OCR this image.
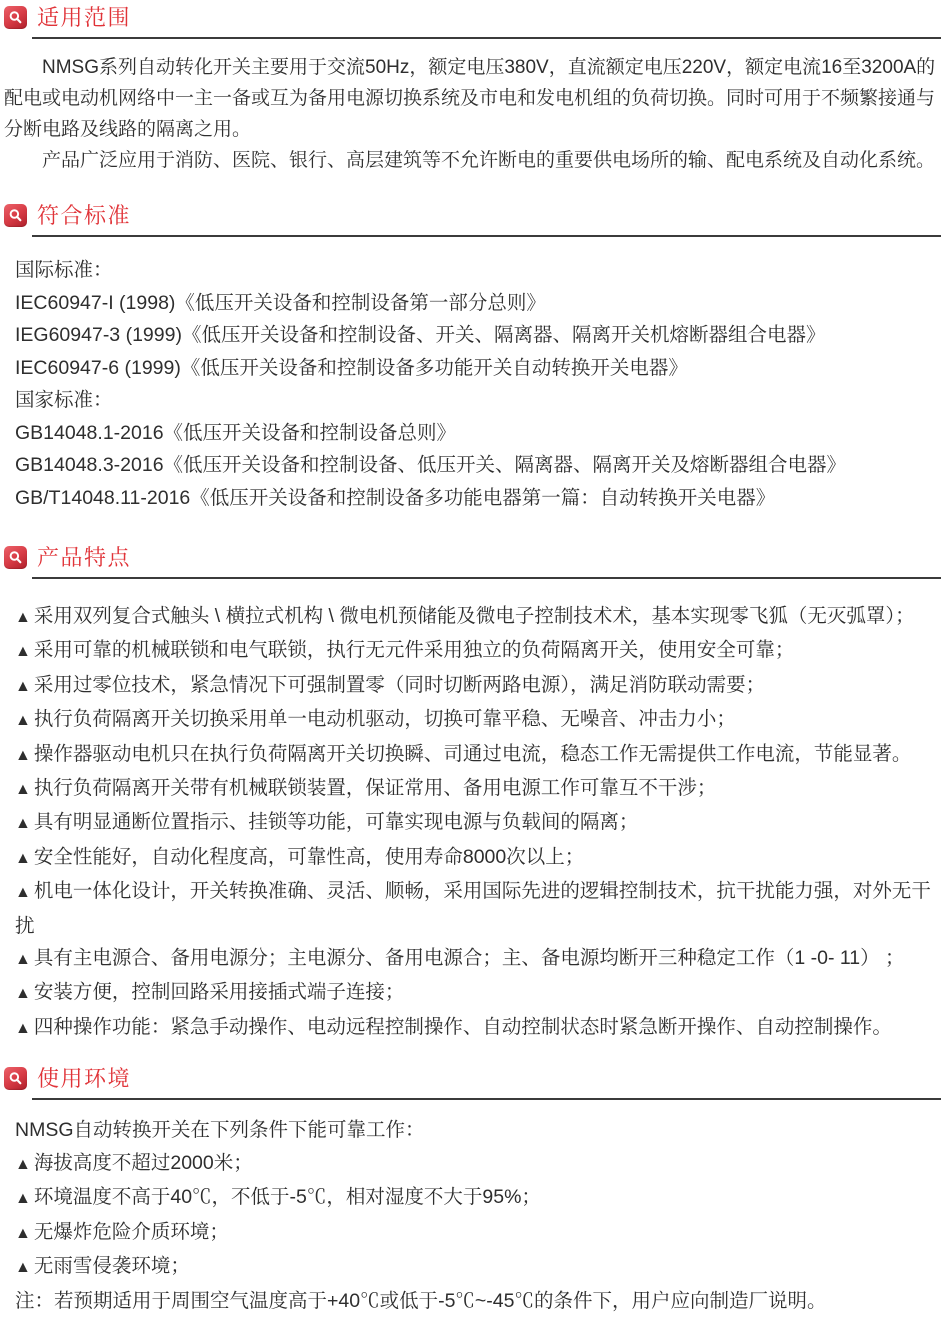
适用范围

NMSG系列自动转化开关主要用于交流50Hz，额定电压380V，直流额定电压220V，额定电流16至3200A的配电或电动机网络中一主一备或互为备用电源切换系统及市电和发电机组的负荷切换。同时可用于不频繁接通与分断电路及线路的隔离之用。

产品广泛应用于消防、医院、银行、高层建筑等不允许断电的重要供电场所的输、配电系统及自动化系统。

符合标准

国际标准：

IEC60947-I (1998)《低压开关设备和控制设备第一部分总则》

IEG60947-3 (1999)《低压开关设备和控制设备、开关、隔离器、隔离开关机熔断器组合电器》

IEC60947-6 (1999)《低压开关设备和控制设备多功能开关自动转换开关电器》

国家标准：

GB14048.1-2016《低压开关设备和控制设备总则》

GB14048.3-2016《低压开关设备和控制设备、低压开关、隔离器、隔离开关及熔断器组合电器》

GB/T14048.11-2016《低压开关设备和控制设备多功能电器第一篇：自动转换开关电器》

产品特点

▲ 采用双列复合式触头 \ 横拉式机构 \ 微电机预储能及微电子控制技术术，基本实现零飞狐（无灭弧罩）；

▲ 采用可靠的机械联锁和电气联锁，执行无元件采用独立的负荷隔离开关，使用安全可靠；

▲ 采用过零位技术，紧急情况下可强制置零（同时切断两路电源），满足消防联动需要；

▲ 执行负荷隔离开关切换采用单一电动机驱动，切换可靠平稳、无噪音、冲击力小；

▲ 操作器驱动电机只在执行负荷隔离开关切换瞬、司通过电流，稳态工作无需提供工作电流，节能显著。

▲ 执行负荷隔离开关带有机械联锁装置，保证常用、备用电源工作可靠互不干涉；

▲ 具有明显通断位置指示、挂锁等功能，可靠实现电源与负载间的隔离；

▲ 安全性能好，自动化程度高，可靠性高，使用寿命8000次以上；

▲ 机电一体化设计，开关转换准确、灵活、顺畅，采用国际先进的逻辑控制技术，抗干扰能力强，对外无干扰

▲ 具有主电源合、备用电源分；主电源分、备用电源合；主、备电源均断开三种稳定工作（1 -0- 11） ；

▲ 安装方便，控制回路采用接插式端子连接；

▲ 四种操作功能：紧急手动操作、电动远程控制操作、自动控制状态时紧急断开操作、自动控制操作。

使用环境

NMSG自动转换开关在下列条件下能可靠工作：

▲ 海拔高度不超过2000米；

▲ 环境温度不高于40℃，不低于-5℃，相对湿度不大于95%；

▲ 无爆炸危险介质环境；

▲ 无雨雪侵袭环境；

注：若预期适用于周围空气温度高于+40℃或低于-5℃~-45℃的条件下，用户应向制造厂说明。
